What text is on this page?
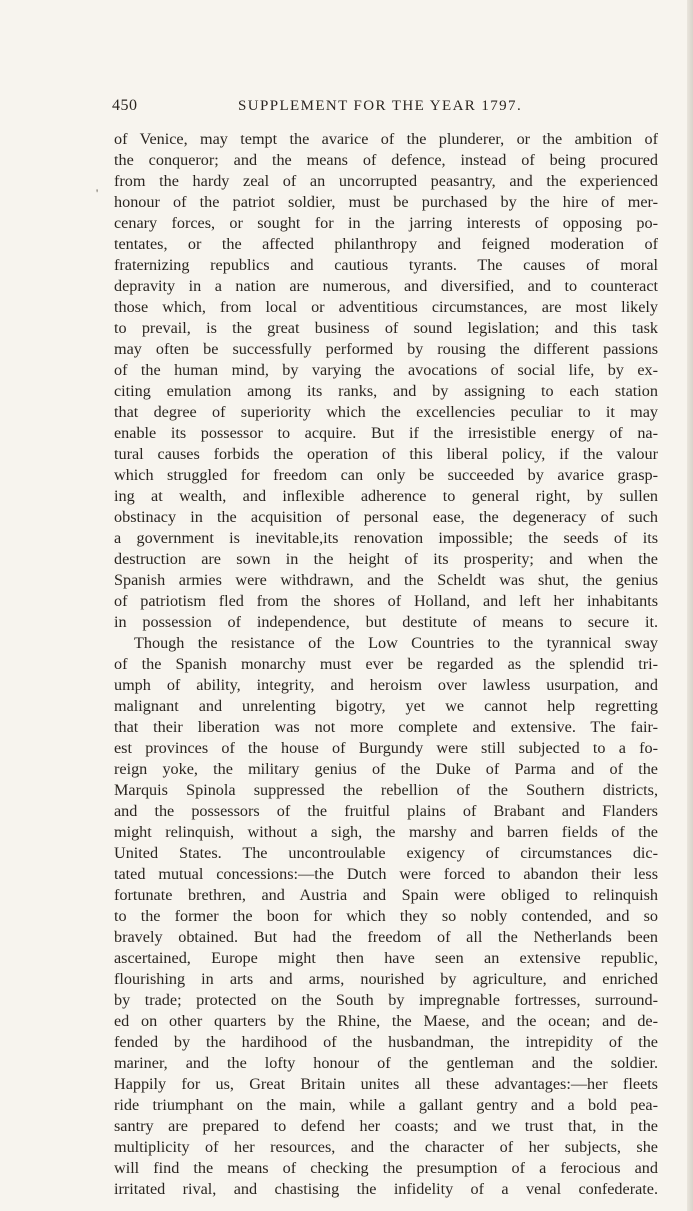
450	SUPPLEMENT FOR THE YEAR 1797.
'
of Venice, may tempt the avarice of the plunderer, or the ambition of
the conqueror; and the means of defence, instead of being procured
from the hardy zeal of an uncorrupted peasantry, and the experienced
honour of the patriot soldier, must be purchased by the hire of mer-
cenary forces, or sought for in the jarring interests of opposing po-
tentates, or the affected philanthropy and feigned moderation of
fraternizing republics and cautious tyrants. The causes of moral
depravity in a nation are numerous, and diversified, and to counteract
those which, from local or adventitious circumstances, are most likely
to prevail, is the great business of sound legislation; and this task
may often be successfully performed by rousing the different passions
of the human mind, by varying the avocations of social life, by ex-
citing emulation among its ranks, and by assigning to each station
that degree of superiority which the excellencies peculiar to it may
enable its possessor to acquire. But if the irresistible energy of na-
tural causes forbids the operation of this liberal policy, if the valour
which struggled for freedom can only be succeeded by avarice grasp-
ing at wealth, and inflexible adherence to general right, by sullen
obstinacy in the acquisition of personal ease, the degeneracy of such
a government is inevitable,its renovation impossible; the seeds of its
destruction are sown in the height of its prosperity; and when the
Spanish armies were withdrawn, and the Scheldt was shut, the genius
of patriotism fled from the shores of Holland, and left her inhabitants
in possession of independence, but destitute of means to secure it.
Though the resistance of the Low Countries to the tyrannical sway
of the Spanish monarchy must ever be regarded as the splendid tri-
umph of ability, integrity, and heroism over lawless usurpation, and
malignant and unrelenting bigotry, yet we cannot help regretting
that their liberation was not more complete and extensive. The fair-
est provinces of the house of Burgundy were still subjected to a fo-
reign yoke, the military genius of the Duke of Parma and of the
Marquis Spinola suppressed the rebellion of the Southern districts,
and the possessors of the fruitful plains of Brabant and Flanders
might relinquish, without a sigh, the marshy and barren fields of the
United States. The uncontroulable exigency of circumstances dic-
tated mutual concessions:—the Dutch were forced to abandon their less
fortunate brethren, and Austria and Spain were obliged to relinquish
to the former the boon for which they so nobly contended, and so
bravely obtained. But had the freedom of all the Netherlands been
ascertained, Europe might then have seen an extensive republic,
flourishing in arts and arms, nourished by agriculture, and enriched
by trade; protected on the South by impregnable fortresses, surround-
ed on other quarters by the Rhine, the Maese, and the ocean; and de-
fended by the hardihood of the husbandman, the intrepidity of the
mariner, and the lofty honour of the gentleman and the soldier.
Happily for us, Great Britain unites all these advantages:—her fleets
ride triumphant on the main, while a gallant gentry and a bold pea-
santry are prepared to defend her coasts; and we trust that, in the
multiplicity of her resources, and the character of her subjects, she
will find the means of checking the presumption of a ferocious and
irritated rival, and chastising the infidelity of a venal confederate.
